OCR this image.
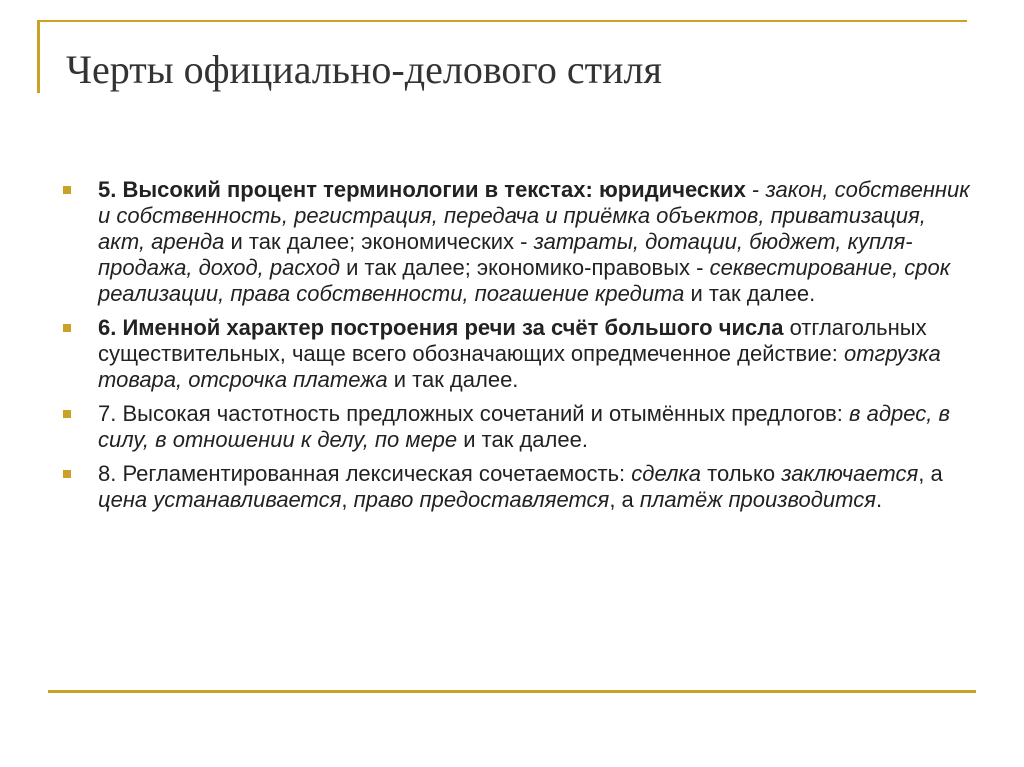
Черты официально-делового стиля
5. Высокий процент терминологии в текстах: юридических - закон, собственник и собственность, регистрация, передача и приёмка объектов, приватизация, акт, аренда и так далее; экономических - затраты, дотации, бюджет, купля-продажа, доход, расход и так далее; экономико-правовых - секвестирование, срок реализации, права собственности, погашение кредита и так далее.
6. Именной характер построения речи за счёт большого числа отглагольных существительных, чаще всего обозначающих опредмеченное действие: отгрузка товара, отсрочка платежа и так далее.
7. Высокая частотность предложных сочетаний и отымённых предлогов: в адрес, в силу, в отношении к делу, по мере и так далее.
8. Регламентированная лексическая сочетаемость: сделка только заключается, а цена устанавливается, право предоставляется, а платёж производится.
